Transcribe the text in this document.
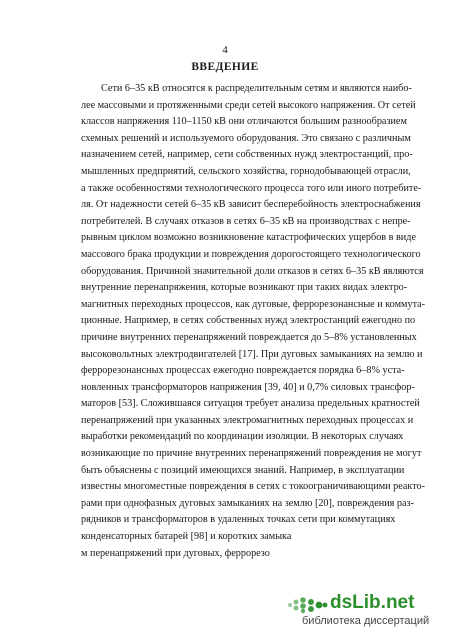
4
ВВЕДЕНИЕ
Сети 6–35 кВ относятся к распределительным сетям и являются наибо-
лее массовыми и протяженными среди сетей высокого напряжения. От сетей
классов напряжения 110–1150 кВ они отличаются большим разнообразием
схемных решений и используемого оборудования. Это связано с различным
назначением сетей, например, сети собственных нужд электростанций, про-
мышленных предприятий, сельского хозяйства, горнодобывающей отрасли,
а также особенностями технологического процесса того или иного потребите-
ля. От надежности сетей 6–35 кВ зависит бесперебойность электроснабжения
потребителей. В случаях отказов в сетях 6–35 кВ на производствах с непре-
рывным циклом возможно возникновение катастрофических ущербов в виде
массового брака продукции и повреждения дорогостоящего технологического
оборудования. Причиной значительной доли отказов в сетях 6–35 кВ являются
внутренние перенапряжения, которые возникают при таких видах электро-
магнитных переходных процессов, как дуговые, феррорезонансные и коммута-
ционные. Например, в сетях собственных нужд электростанций ежегодно по
причине внутренних перенапряжений повреждается до 5–8% установленных
высоковольтных электродвигателей [17]. При дуговых замыканиях на землю и
феррорезонансных процессах ежегодно повреждается порядка 6–8% уста-
новленных трансформаторов напряжения [39, 40] и 0,7% силовых трансфор-
маторов [53]. Сложившаяся ситуация требует анализа предельных кратностей
перенапряжений при указанных электромагнитных переходных процессах и
выработки рекомендаций по координации изоляции. В некоторых случаях
возникающие по причине внутренних перенапряжений повреждения не могут
быть объяснены с позиций имеющихся знаний. Например, в эксплуатации
известны многоместные повреждения в сетях с токоограничивающими реакто-
рами при однофазных дуговых замыканиях на землю [20], повреждения раз-
рядников и трансформаторов в удаленных точках сети при коммутациях
конденсаторных батарей [98] и коротких замыка
м перенапряжений при дуговых, феррорезо
dsLib.net
библиотека диссертаций
